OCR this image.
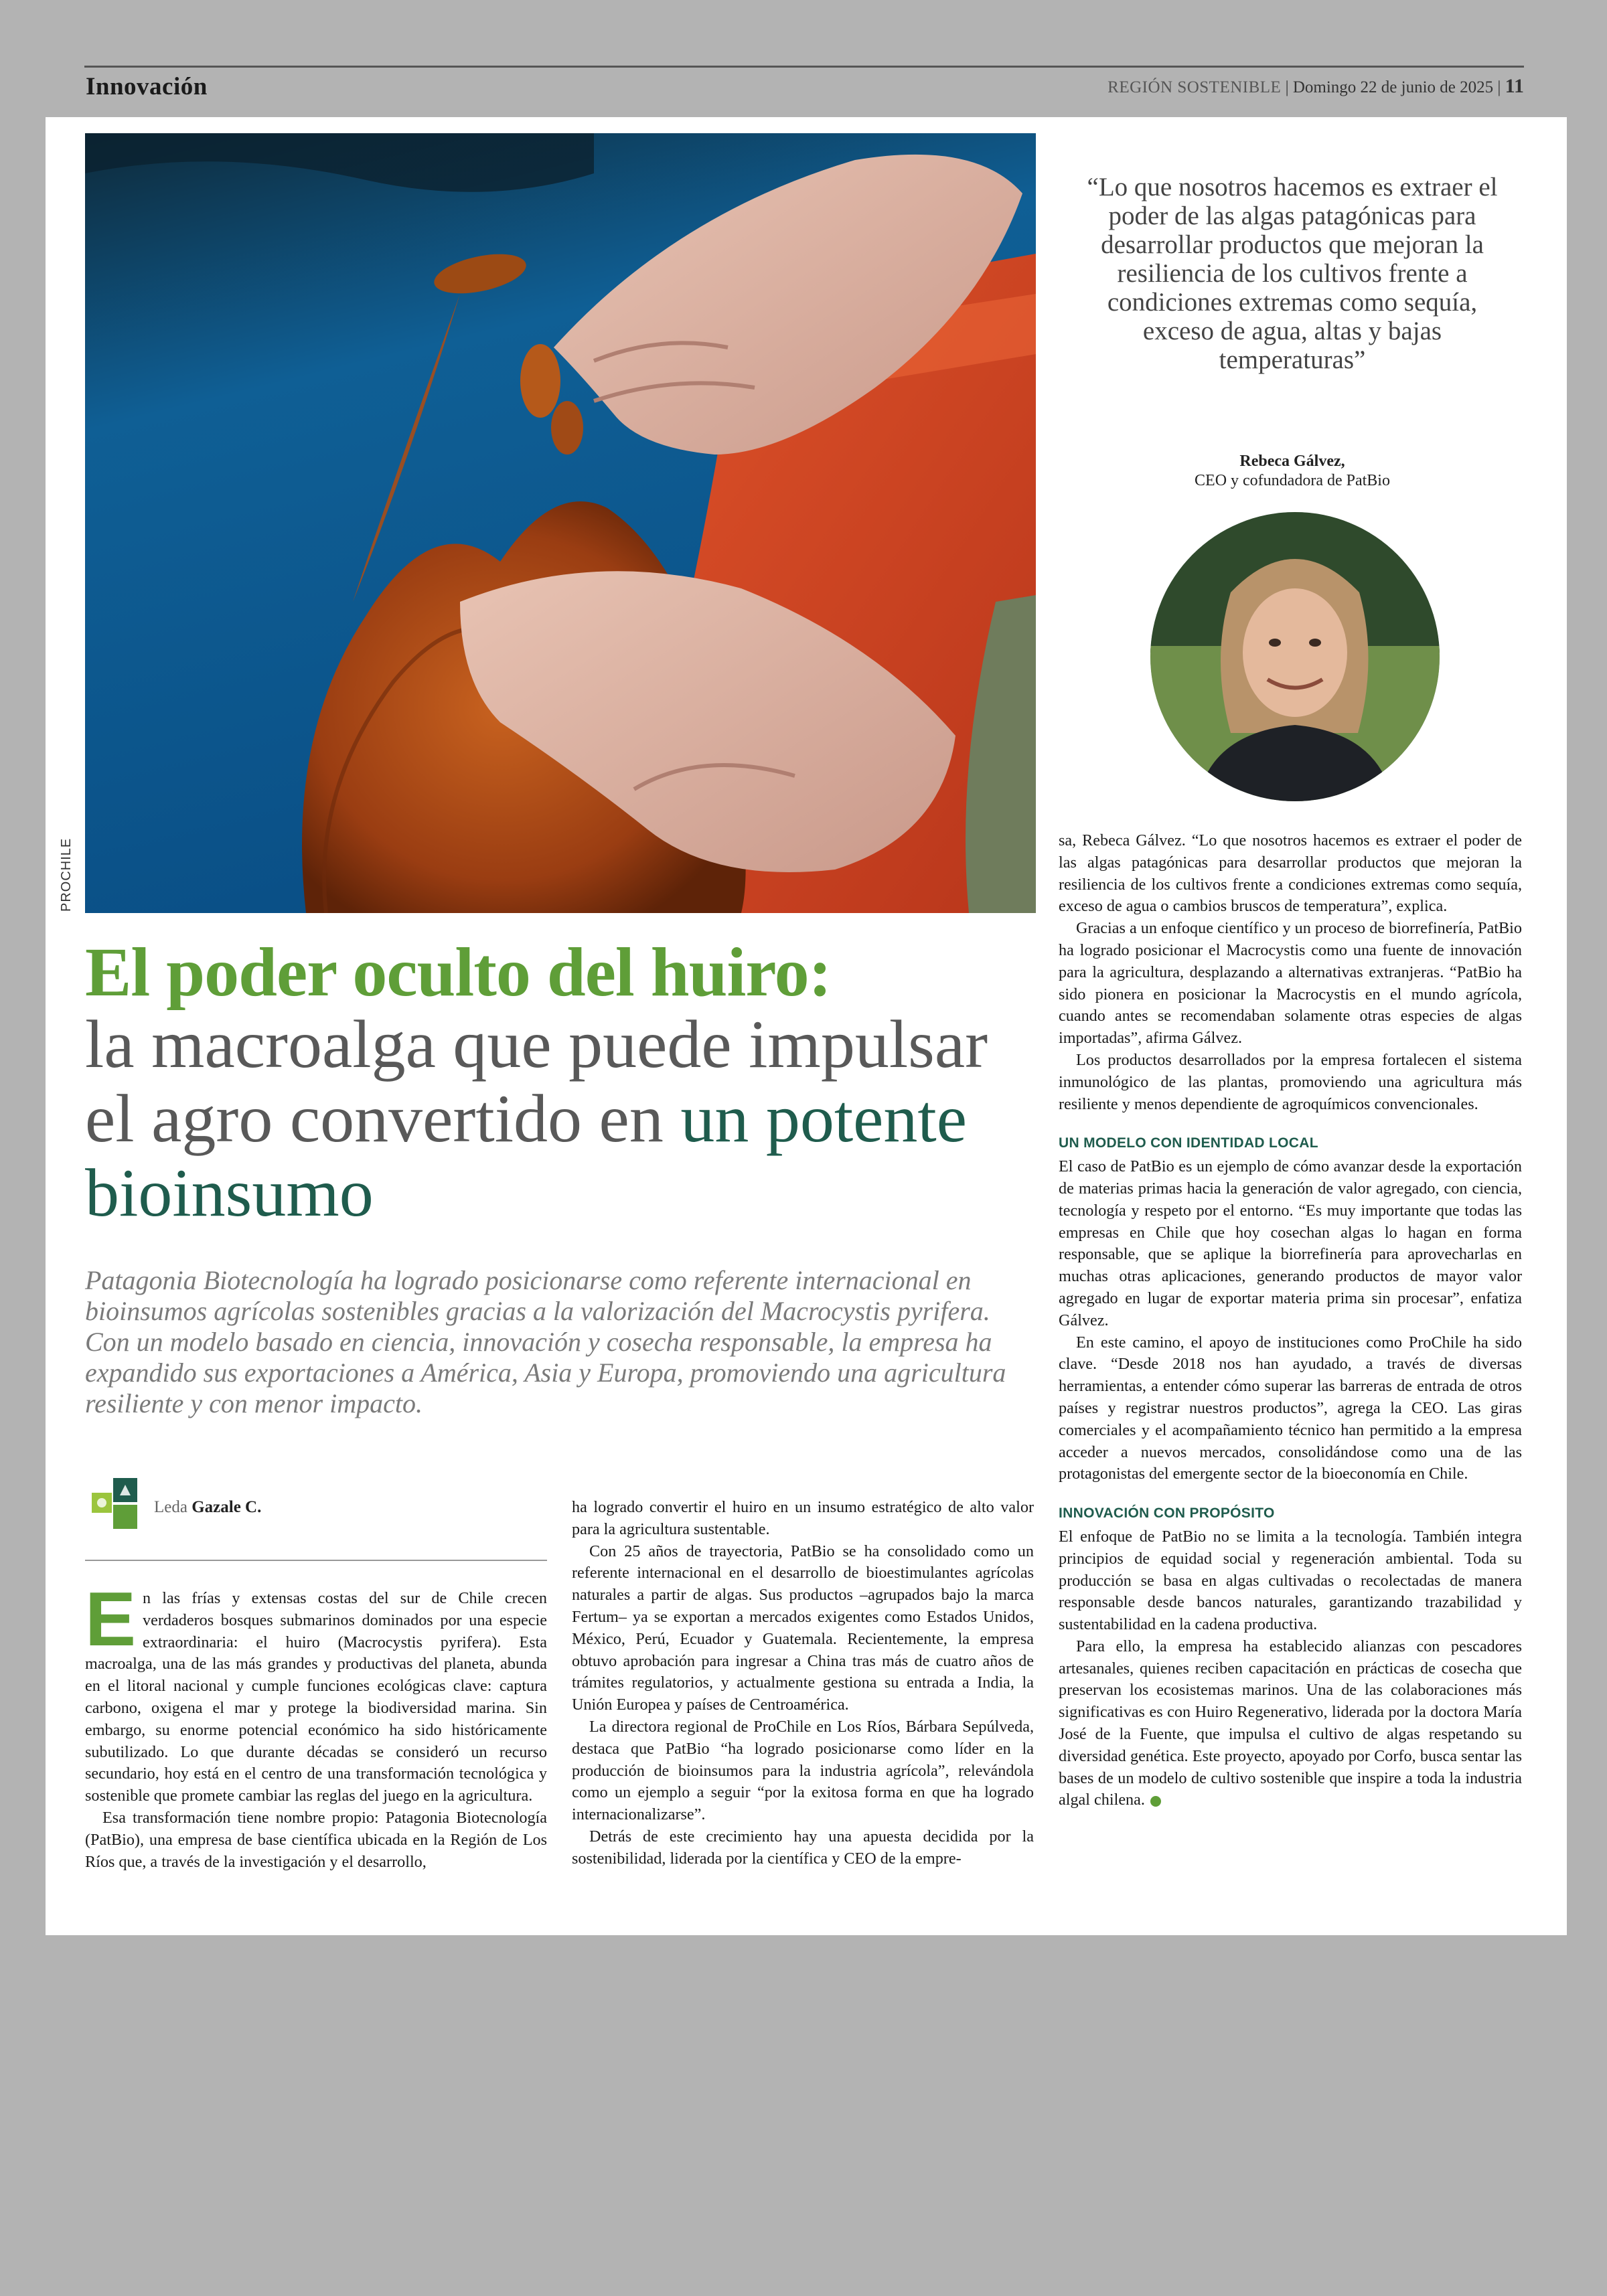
Innovación	REGIÓN SOSTENIBLE | Domingo 22 de junio de 2025 | 11
PROCHILE
“Lo que nosotros hacemos es extraer el poder de las algas patagónicas para desarrollar productos que mejoran la resiliencia de los cultivos frente a condiciones extremas como sequía, exceso de agua, altas y bajas temperaturas”
Rebeca Gálvez,
CEO y cofundadora de PatBio
El poder oculto del huiro:
la macroalga que puede impulsar el agro convertido en un potente bioinsumo
Patagonia Biotecnología ha logrado posicionarse como referente internacional en bioinsumos agrícolas sostenibles gracias a la valorización del Macrocystis pyrifera. Con un modelo basado en ciencia, innovación y cosecha responsable, la empresa ha expandido sus exportaciones a América, Asia y Europa, promoviendo una agricultura resiliente y con menor impacto.
Leda Gazale C.

En las frías y extensas costas del sur de Chile crecen verdaderos bosques submarinos dominados por una especie extraordinaria: el huiro (Macrocystis pyrifera). Esta macroalga, una de las más grandes y productivas del planeta, abunda en el litoral nacional y cumple funciones ecológicas clave: captura carbono, oxigena el mar y protege la biodiversidad marina. Sin embargo, su enorme potencial económico ha sido históricamente subutilizado. Lo que durante décadas se consideró un recurso secundario, hoy está en el centro de una transformación tecnológica y sostenible que promete cambiar las reglas del juego en la agricultura.

Esa transformación tiene nombre propio: Patagonia Biotecnología (PatBio), una empresa de base científica ubicada en la Región de Los Ríos que, a través de la investigación y el desarrollo,

ha logrado convertir el huiro en un insumo estratégico de alto valor para la agricultura sustentable.

Con 25 años de trayectoria, PatBio se ha consolidado como un referente internacional en el desarrollo de bioestimulantes agrícolas naturales a partir de algas. Sus productos –agrupados bajo la marca Fertum– ya se exportan a mercados exigentes como Estados Unidos, México, Perú, Ecuador y Guatemala. Recientemente, la empresa obtuvo aprobación para ingresar a China tras más de cuatro años de trámites regulatorios, y actualmente gestiona su entrada a India, la Unión Europea y países de Centroamérica.

La directora regional de ProChile en Los Ríos, Bárbara Sepúlveda, destaca que PatBio “ha logrado posicionarse como líder en la producción de bioinsumos para la industria agrícola”, relevándola como un ejemplo a seguir “por la exitosa forma en que ha logrado internacionalizarse”.

Detrás de este crecimiento hay una apuesta decidida por la sostenibilidad, liderada por la científica y CEO de la empre-

sa, Rebeca Gálvez. “Lo que nosotros hacemos es extraer el poder de las algas patagónicas para desarrollar productos que mejoran la resiliencia de los cultivos frente a condiciones extremas como sequía, exceso de agua o cambios bruscos de temperatura”, explica.

Gracias a un enfoque científico y un proceso de biorrefinería, PatBio ha logrado posicionar el Macrocystis como una fuente de innovación para la agricultura, desplazando a alternativas extranjeras. “PatBio ha sido pionera en posicionar la Macrocystis en el mundo agrícola, cuando antes se recomendaban solamente otras especies de algas importadas”, afirma Gálvez.

Los productos desarrollados por la empresa fortalecen el sistema inmunológico de las plantas, promoviendo una agricultura más resiliente y menos dependiente de agroquímicos convencionales.

UN MODELO CON IDENTIDAD LOCAL

El caso de PatBio es un ejemplo de cómo avanzar desde la exportación de materias primas hacia la generación de valor agregado, con ciencia, tecnología y respeto por el entorno. “Es muy importante que todas las empresas en Chile que hoy cosechan algas lo hagan en forma responsable, que se aplique la biorrefinería para aprovecharlas en muchas otras aplicaciones, generando productos de mayor valor agregado en lugar de exportar materia prima sin procesar”, enfatiza Gálvez.

En este camino, el apoyo de instituciones como ProChile ha sido clave. “Desde 2018 nos han ayudado, a través de diversas herramientas, a entender cómo superar las barreras de entrada de otros países y registrar nuestros productos”, agrega la CEO. Las giras comerciales y el acompañamiento técnico han permitido a la empresa acceder a nuevos mercados, consolidándose como una de las protagonistas del emergente sector de la bioeconomía en Chile.

INNOVACIÓN CON PROPÓSITO

El enfoque de PatBio no se limita a la tecnología. También integra principios de equidad social y regeneración ambiental. Toda su producción se basa en algas cultivadas o recolectadas de manera responsable desde bancos naturales, garantizando trazabilidad y sustentabilidad en la cadena productiva.

Para ello, la empresa ha establecido alianzas con pescadores artesanales, quienes reciben capacitación en prácticas de cosecha que preservan los ecosistemas marinos. Una de las colaboraciones más significativas es con Huiro Regenerativo, liderada por la doctora María José de la Fuente, que impulsa el cultivo de algas respetando su diversidad genética. Este proyecto, apoyado por Corfo, busca sentar las bases de un modelo de cultivo sostenible que inspire a toda la industria algal chilena.
